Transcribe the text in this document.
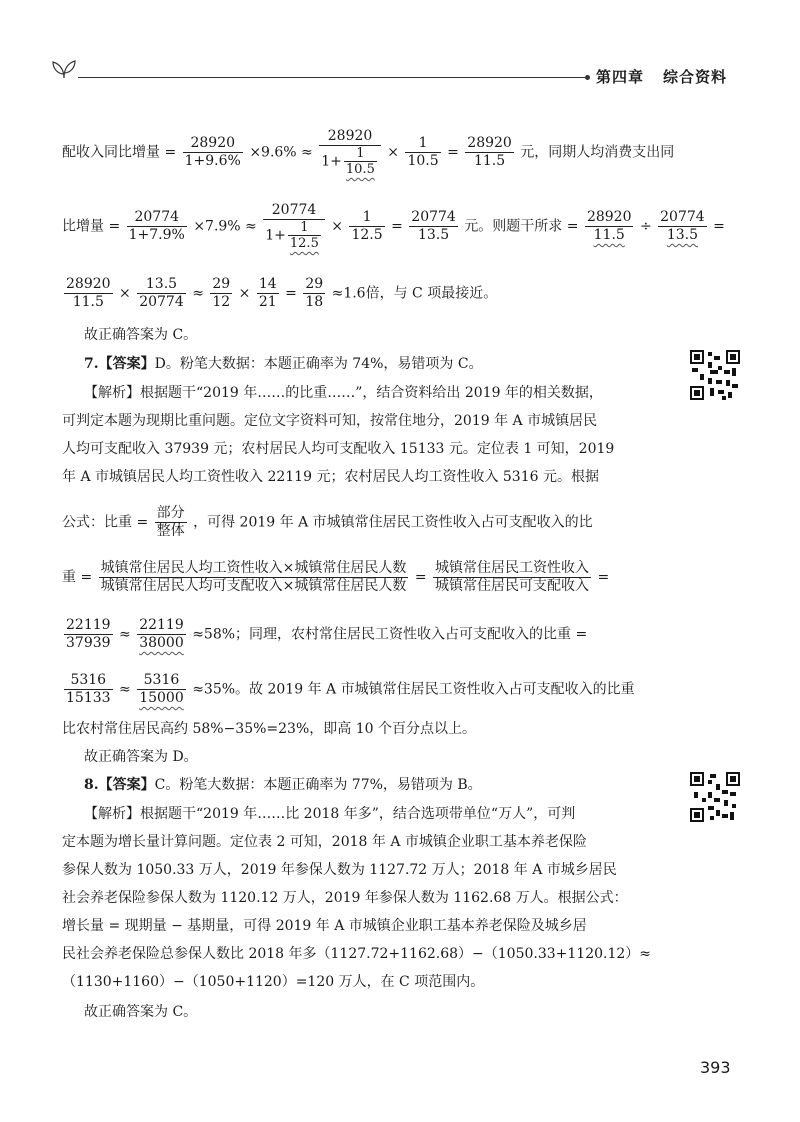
第四章 综合资料
配收入同比增量 = $\frac{28920}{1+9.6\%} \times 9.6\% \approx \frac{28920}{1+ \frac{1}{10.5}} \times \frac{1}{10.5} = \frac{28920}{11.5}$ 元，同期人均消费支出同
比增量 = $\frac{20774}{1+7.9\%} \times 7.9\% \approx \frac{20774}{1+ \frac{1}{12.5}} \times \frac{1}{12.5} = \frac{20774}{13.5}$ 元。则题干所求 = $\frac{28920}{11.5} \div \frac{20774}{13.5}$ =
$\frac{28920}{11.5} \times \frac{13.5}{20774} \approx \frac{29}{12} \times \frac{14}{21} = \frac{29}{18} \approx 1.6$倍，与 C 项最接近。
故正确答案为 C。
7.【答案】D。粉笔大数据：本题正确率为 74%，易错项为 C。
【解析】根据题干“2019 年……的比重……”，结合资料给出 2019 年的相关数据，
可判定本题为现期比重问题。定位文字资料可知，按常住地分，2019 年 A 市城镇居民
人均可支配收入 37939 元；农村居民人均可支配收入 15133 元。定位表 1 可知，2019
年 A 市城镇居民人均工资性收入 22119 元；农村居民人均工资性收入 5316 元。根据
公式：比重 = $\frac{\text{部分}}{\text{整体}}$ ，可得 2019 年 A 市城镇常住居民工资性收入占可支配收入的比
重 = $\frac{\text{城镇常住居民人均工资性收入×城镇常住居民人数}}{\text{城镇常住居民人均可支配收入×城镇常住居民人数}} = \frac{\text{城镇常住居民工资性收入}}{\text{城镇常住居民可支配收入}}$ =
$\frac{22119}{37939} \approx \frac{22119}{38000} \approx 58\%$；同理，农村常住居民工资性收入占可支配收入的比重 =
$\frac{5316}{15133} \approx \frac{5316}{15000} \approx 35\%$。故 2019 年 A 市城镇常住居民工资性收入占可支配收入的比重
比农村常住居民高约 58%−35%=23%，即高 10 个百分点以上。
故正确答案为 D。
8.【答案】C。粉笔大数据：本题正确率为 77%，易错项为 B。
【解析】根据题干“2019 年……比 2018 年多”，结合选项带单位“万人”，可判
定本题为增长量计算问题。定位表 2 可知，2018 年 A 市城镇企业职工基本养老保险
参保人数为 1050.33 万人，2019 年参保人数为 1127.72 万人；2018 年 A 市城乡居民
社会养老保险参保人数为 1120.12 万人，2019 年参保人数为 1162.68 万人。根据公式：
增长量 = 现期量 − 基期量，可得 2019 年 A 市城镇企业职工基本养老保险及城乡居
民社会养老保险总参保人数比 2018 年多（1127.72+1162.68）−（1050.33+1120.12）≈
（1130+1160）−（1050+1120）=120 万人，在 C 项范围内。
故正确答案为 C。
393
